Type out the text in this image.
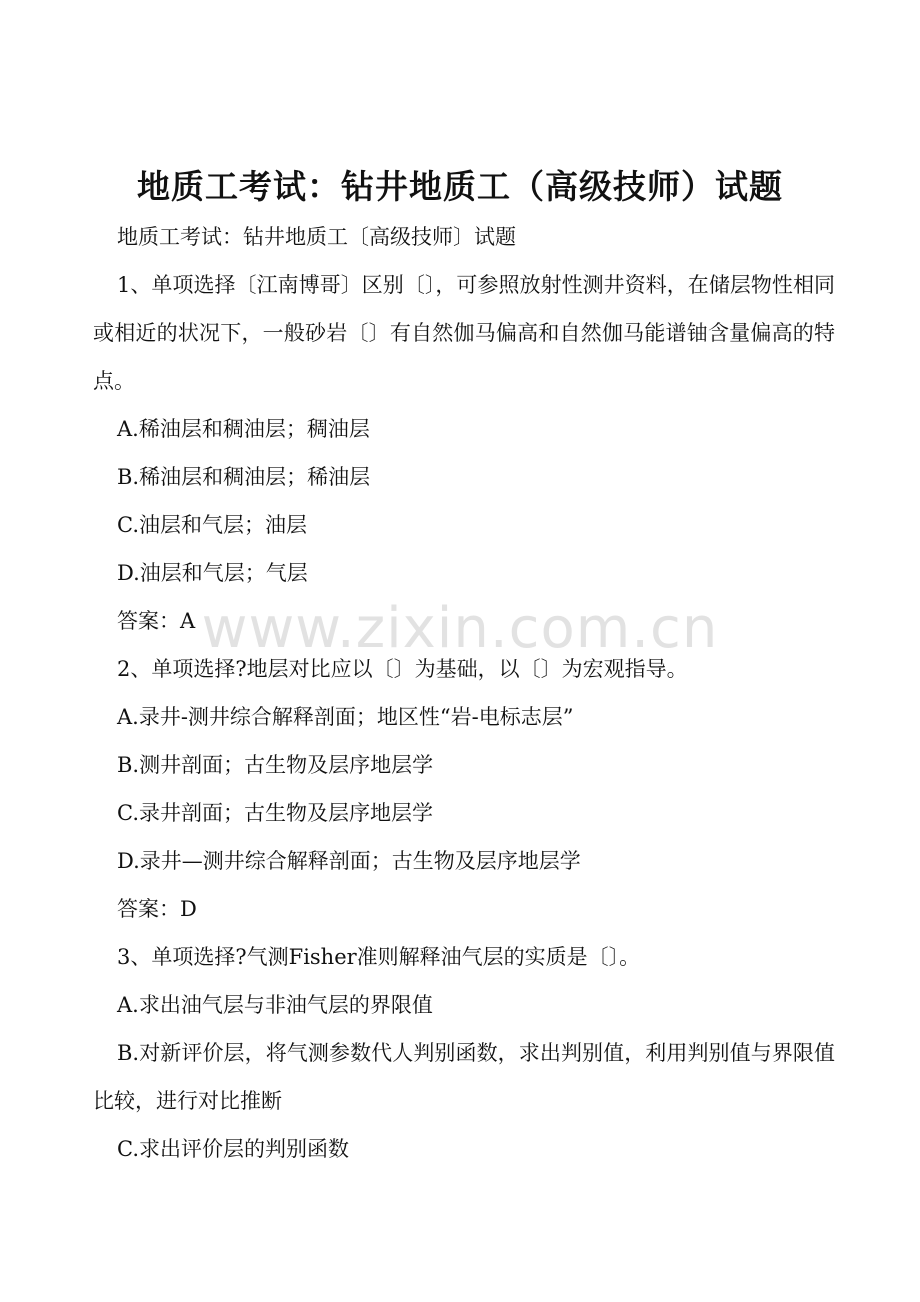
地质工考试：钻井地质工（高级技师）试题

地质工考试：钻井地质工〔高级技师〕试题

1、单项选择〔江南博哥〕区别〔〕，可参照放射性测井资料，在储层物性相同或相近的状况下，一般砂岩〔〕有自然伽马偏高和自然伽马能谱铀含量偏高的特点。

A.稀油层和稠油层；稠油层

B.稀油层和稠油层；稀油层

C.油层和气层；油层

D.油层和气层；气层

答案：A

2、单项选择?地层对比应以〔〕为基础，以〔〕为宏观指导。

A.录井-测井综合解释剖面；地区性“岩-电标志层”

B.测井剖面；古生物及层序地层学

C.录井剖面；古生物及层序地层学

D.录井—测井综合解释剖面；古生物及层序地层学

答案：D

3、单项选择?气测Fisher准则解释油气层的实质是〔〕。

A.求出油气层与非油气层的界限值

B.对新评价层，将气测参数代人判别函数，求出判别值，利用判别值与界限值比较，进行对比推断

C.求出评价层的判别函数

www.zixin.com.cn
